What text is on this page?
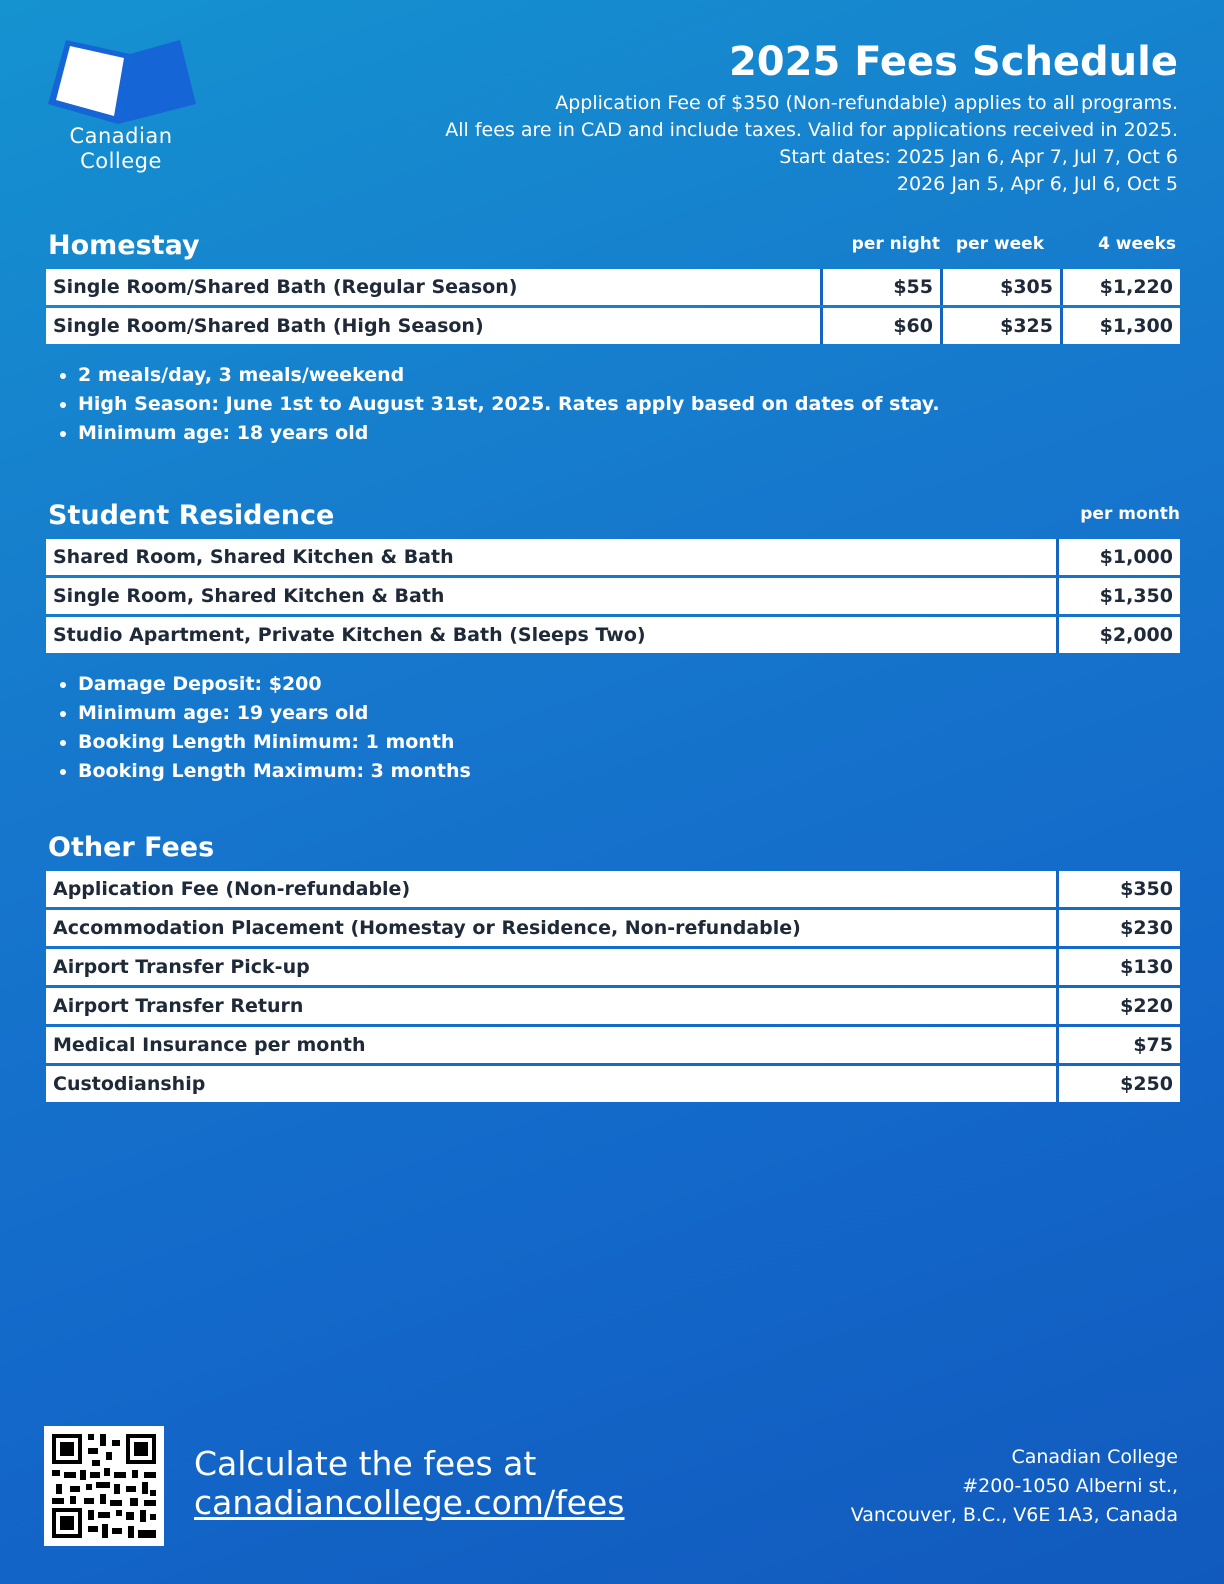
Canadian
College
2025 Fees Schedule
Application Fee of $350 (Non-refundable) applies to all programs.
All fees are in CAD and include taxes. Valid for applications received in 2025.
Start dates: 2025 Jan 6, Apr 7, Jul 7, Oct 6
2026 Jan 5, Apr 6, Jul 6, Oct 5
Homestay	per night per week	4 weeks
Single Room/Shared Bath (Regular Season)	$55	$305	$1,220
Single Room/Shared Bath (High Season)	$60	$325	$1,300
• 2 meals/day, 3 meals/weekend
• High Season: June 1st to August 31st, 2025. Rates apply based on dates of stay.
• Minimum age: 18 years old
Student Residence	per month
Shared Room, Shared Kitchen & Bath	$1,000
Single Room, Shared Kitchen & Bath	$1,350
Studio Apartment, Private Kitchen & Bath (Sleeps Two)	$2,000
• Damage Deposit: $200
• Minimum age: 19 years old
• Booking Length Minimum: 1 month
• Booking Length Maximum: 3 months
Other Fees
Application Fee (Non-refundable)	$350
Accommodation Placement (Homestay or Residence, Non-refundable)	$230
Airport Transfer Pick-up	$130
Airport Transfer Return	$220
Medical Insurance per month	$75
Custodianship	$250
Calculate the fees at
canadiancollege.com/fees
Canadian College
#200-1050 Alberni st.,
Vancouver, B.C., V6E 1A3, Canada
